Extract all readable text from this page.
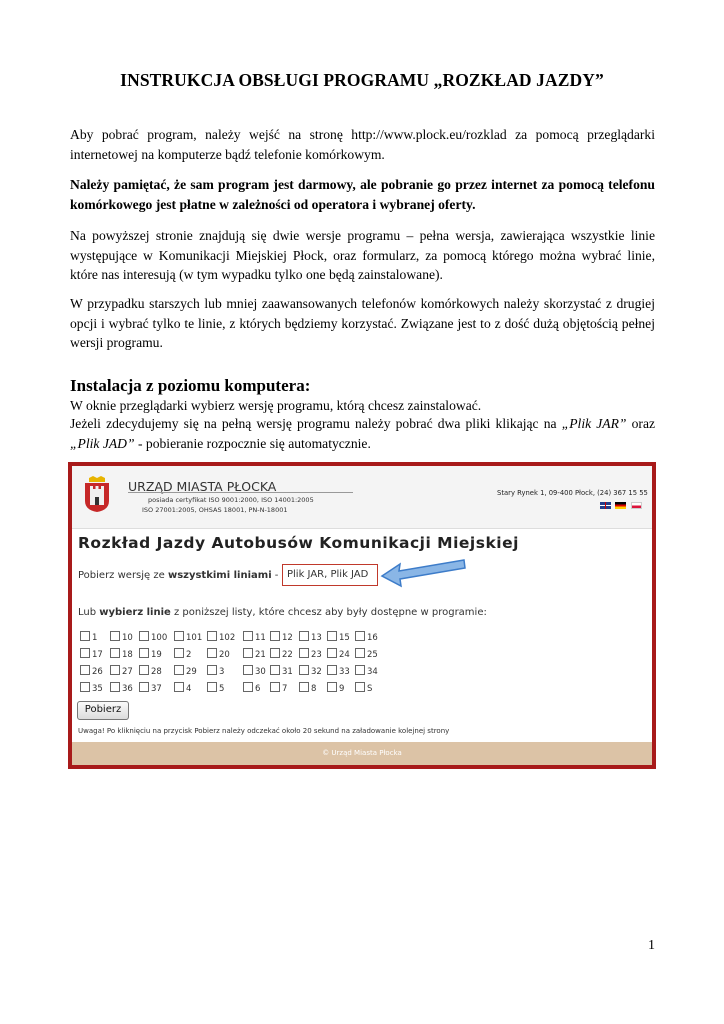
INSTRUKCJA OBSŁUGI PROGRAMU „ROZKŁAD JAZDY”
Aby pobrać program, należy wejść na stronę http://www.plock.eu/rozklad za pomocą przeglądarki internetowej na komputerze bądź telefonie komórkowym.
Należy pamiętać, że sam program jest darmowy, ale pobranie go przez internet za pomocą telefonu komórkowego jest płatne w zależności od operatora i wybranej oferty.
Na powyższej stronie znajdują się dwie wersje programu – pełna wersja, zawierająca wszystkie linie występujące w Komunikacji Miejskiej Płock, oraz formularz, za pomocą którego można wybrać linie, które nas interesują (w tym wypadku tylko one będą zainstalowane).
W przypadku starszych lub mniej zaawansowanych telefonów komórkowych należy skorzystać z drugiej opcji i wybrać tylko te linie, z których będziemy korzystać. Związane jest to z dość dużą objętością pełnej wersji programu.
Instalacja z poziomu komputera:
W oknie przeglądarki wybierz wersję programu, którą chcesz zainstalować.
Jeżeli zdecydujemy się na pełną wersję programu należy pobrać dwa pliki klikając na „Plik JAR” oraz „Plik JAD” - pobieranie rozpocznie się automatycznie.
URZĄD MIASTA PŁOCKA
posiada certyfikat ISO 9001:2000, ISO 14001:2005
ISO 27001:2005, OHSAS 18001, PN-N-18001
Stary Rynek 1, 09-400 Płock, (24) 367 15 55
Rozkład Jazdy Autobusów Komunikacji Miejskiej
Pobierz wersję ze wszystkimi liniami - Plik JAR, Plik JAD
Lub wybierz linie z poniższej listy, które chcesz aby były dostępne w programie:
1	10	100	101	102	11	12	13	15	16
17	18	19	2	20	21	22	23	24	25
26	27	28	29	3	30	31	32	33	34
35	36	37	4	5	6	7	8	9	S
Pobierz
Uwaga! Po kliknięciu na przycisk Pobierz należy odczekać około 20 sekund na załadowanie kolejnej strony
© Urząd Miasta Płocka
1
